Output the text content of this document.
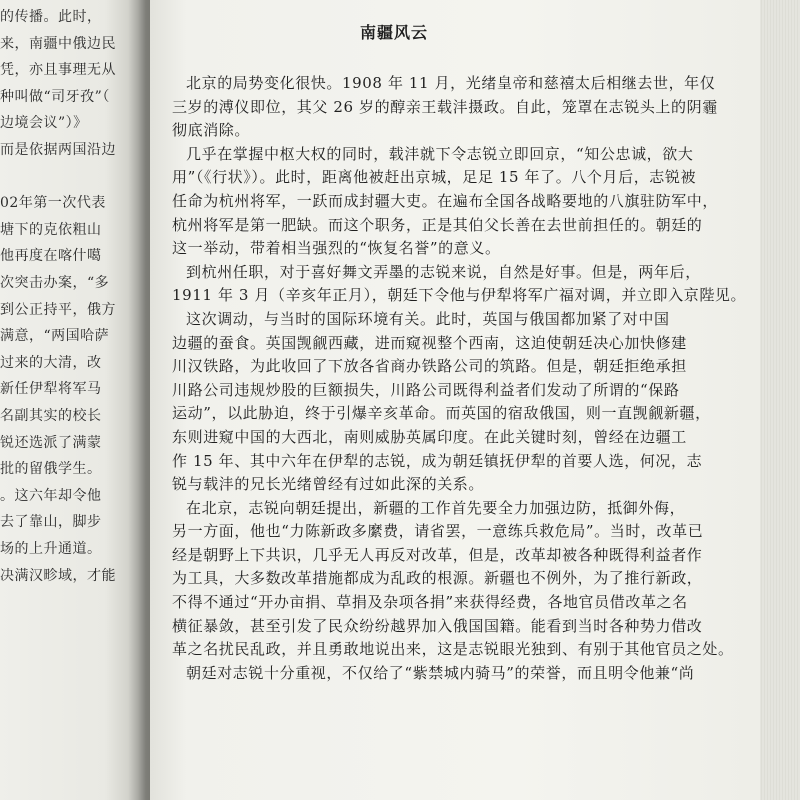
的传播。此时，
来，南疆中俄边民
凭，亦且事理无从
种叫做“司牙孜”（
边境会议”）》
而是依据两国沿边
02年第一次代表
塘下的克依粗山
他再度在喀什噶
次突击办案，“多
到公正持平，俄方
满意，“两国哈萨
过来的大清，改
新任伊犁将军马
名副其实的校长
锐还选派了满蒙
批的留俄学生。
。这六年却令他
去了靠山，脚步
场的上升通道。
决满汉畛域，才能
南疆风云
北京的局势变化很快。1908 年 11 月，光绪皇帝和慈禧太后相继去世，年仅
三岁的溥仪即位，其父 26 岁的醇亲王载沣摄政。自此，笼罩在志锐头上的阴霾
彻底消除。
几乎在掌握中枢大权的同时，载沣就下令志锐立即回京，“知公忠诚，欲大
用”（《行状》）。此时，距离他被赶出京城，足足 15 年了。八个月后，志锐被
任命为杭州将军，一跃而成封疆大吏。在遍布全国各战略要地的八旗驻防军中，
杭州将军是第一肥缺。而这个职务，正是其伯父长善在去世前担任的。朝廷的
这一举动，带着相当强烈的“恢复名誉”的意义。
到杭州任职，对于喜好舞文弄墨的志锐来说，自然是好事。但是，两年后，
1911 年 3 月（辛亥年正月），朝廷下令他与伊犁将军广福对调，并立即入京陛见。
这次调动，与当时的国际环境有关。此时，英国与俄国都加紧了对中国
边疆的蚕食。英国觊觎西藏，进而窥视整个西南，这迫使朝廷决心加快修建
川汉铁路，为此收回了下放各省商办铁路公司的筑路。但是，朝廷拒绝承担
川路公司违规炒股的巨额损失，川路公司既得利益者们发动了所谓的“保路
运动”，以此胁迫，终于引爆辛亥革命。而英国的宿敌俄国，则一直觊觎新疆，
东则进窥中国的大西北，南则威胁英属印度。在此关键时刻，曾经在边疆工
作 15 年、其中六年在伊犁的志锐，成为朝廷镇抚伊犁的首要人选，何况，志
锐与载沣的兄长光绪曾经有过如此深的关系。
在北京，志锐向朝廷提出，新疆的工作首先要全力加强边防，抵御外侮，
另一方面，他也“力陈新政多縻费，请省罢，一意练兵救危局”。当时，改革已
经是朝野上下共识，几乎无人再反对改革，但是，改革却被各种既得利益者作
为工具，大多数改革措施都成为乱政的根源。新疆也不例外，为了推行新政，
不得不通过“开办亩捐、草捐及杂项各捐”来获得经费，各地官员借改革之名
横征暴敛，甚至引发了民众纷纷越界加入俄国国籍。能看到当时各种势力借改
革之名扰民乱政，并且勇敢地说出来，这是志锐眼光独到、有别于其他官员之处。
朝廷对志锐十分重视，不仅给了“紫禁城内骑马”的荣誉，而且明令他兼“尚
